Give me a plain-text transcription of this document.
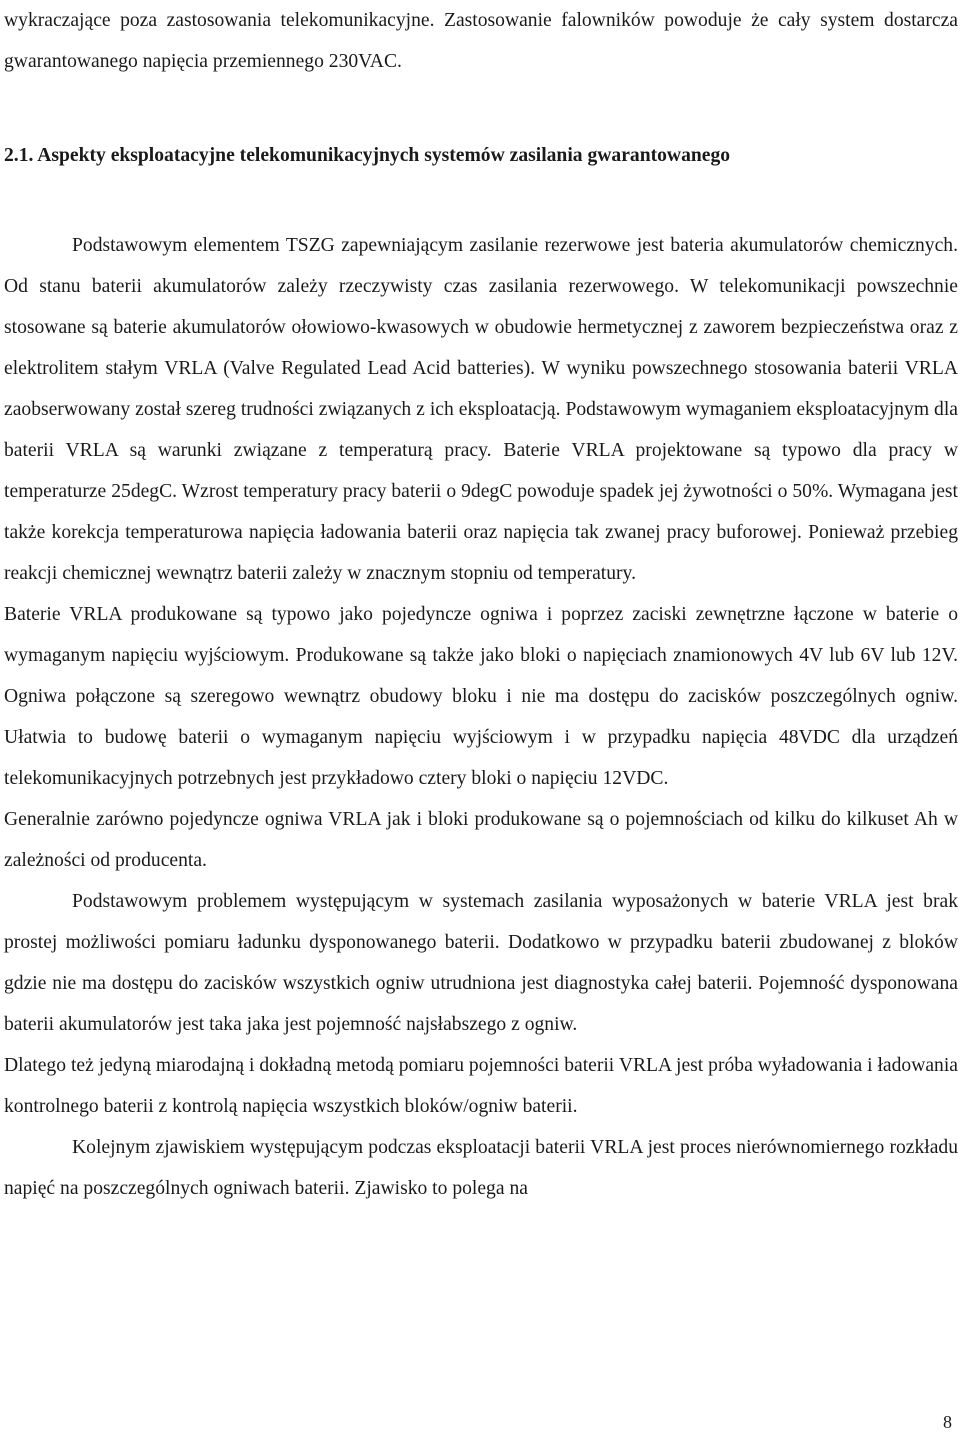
wykraczające poza zastosowania telekomunikacyjne. Zastosowanie falowników powoduje że cały system dostarcza gwarantowanego napięcia przemiennego 230VAC.

2.1. Aspekty eksploatacyjne telekomunikacyjnych systemów zasilania gwarantowanego

Podstawowym elementem TSZG zapewniającym zasilanie rezerwowe jest bateria akumulatorów chemicznych. Od stanu baterii akumulatorów zależy rzeczywisty czas zasilania rezerwowego. W telekomunikacji powszechnie stosowane są baterie akumulatorów ołowiowo-kwasowych w obudowie hermetycznej z zaworem bezpieczeństwa oraz z elektrolitem stałym VRLA (Valve Regulated Lead Acid batteries). W wyniku powszechnego stosowania baterii VRLA zaobserwowany został szereg trudności związanych z ich eksploatacją. Podstawowym wymaganiem eksploatacyjnym dla baterii VRLA są warunki związane z temperaturą pracy. Baterie VRLA projektowane są typowo dla pracy w temperaturze 25degC. Wzrost temperatury pracy baterii o 9degC powoduje spadek jej żywotności o 50%. Wymagana jest także korekcja temperaturowa napięcia ładowania baterii oraz napięcia tak zwanej pracy buforowej. Ponieważ przebieg reakcji chemicznej wewnątrz baterii zależy w znacznym stopniu od temperatury.

Baterie VRLA produkowane są typowo jako pojedyncze ogniwa i poprzez zaciski zewnętrzne łączone w baterie o wymaganym napięciu wyjściowym. Produkowane są także jako bloki o napięciach znamionowych 4V lub 6V lub 12V. Ogniwa połączone są szeregowo wewnątrz obudowy bloku i nie ma dostępu do zacisków poszczególnych ogniw. Ułatwia to budowę baterii o wymaganym napięciu wyjściowym i w przypadku napięcia 48VDC dla urządzeń telekomunikacyjnych potrzebnych jest przykładowo cztery bloki o napięciu 12VDC.

Generalnie zarówno pojedyncze ogniwa VRLA jak i bloki produkowane są o pojemnościach od kilku do kilkuset Ah w zależności od producenta.

Podstawowym problemem występującym w systemach zasilania wyposażonych w baterie VRLA jest brak prostej możliwości pomiaru ładunku dysponowanego baterii. Dodatkowo w przypadku baterii zbudowanej z bloków gdzie nie ma dostępu do zacisków wszystkich ogniw utrudniona jest diagnostyka całej baterii. Pojemność dysponowana baterii akumulatorów jest taka jaka jest pojemność najsłabszego z ogniw.

Dlatego też jedyną miarodajną i dokładną metodą pomiaru pojemności baterii VRLA jest próba wyładowania i ładowania kontrolnego baterii z kontrolą napięcia wszystkich bloków/ogniw baterii.

Kolejnym zjawiskiem występującym podczas eksploatacji baterii VRLA jest proces nierównomiernego rozkładu napięć na poszczególnych ogniwach baterii. Zjawisko to polega na

8
